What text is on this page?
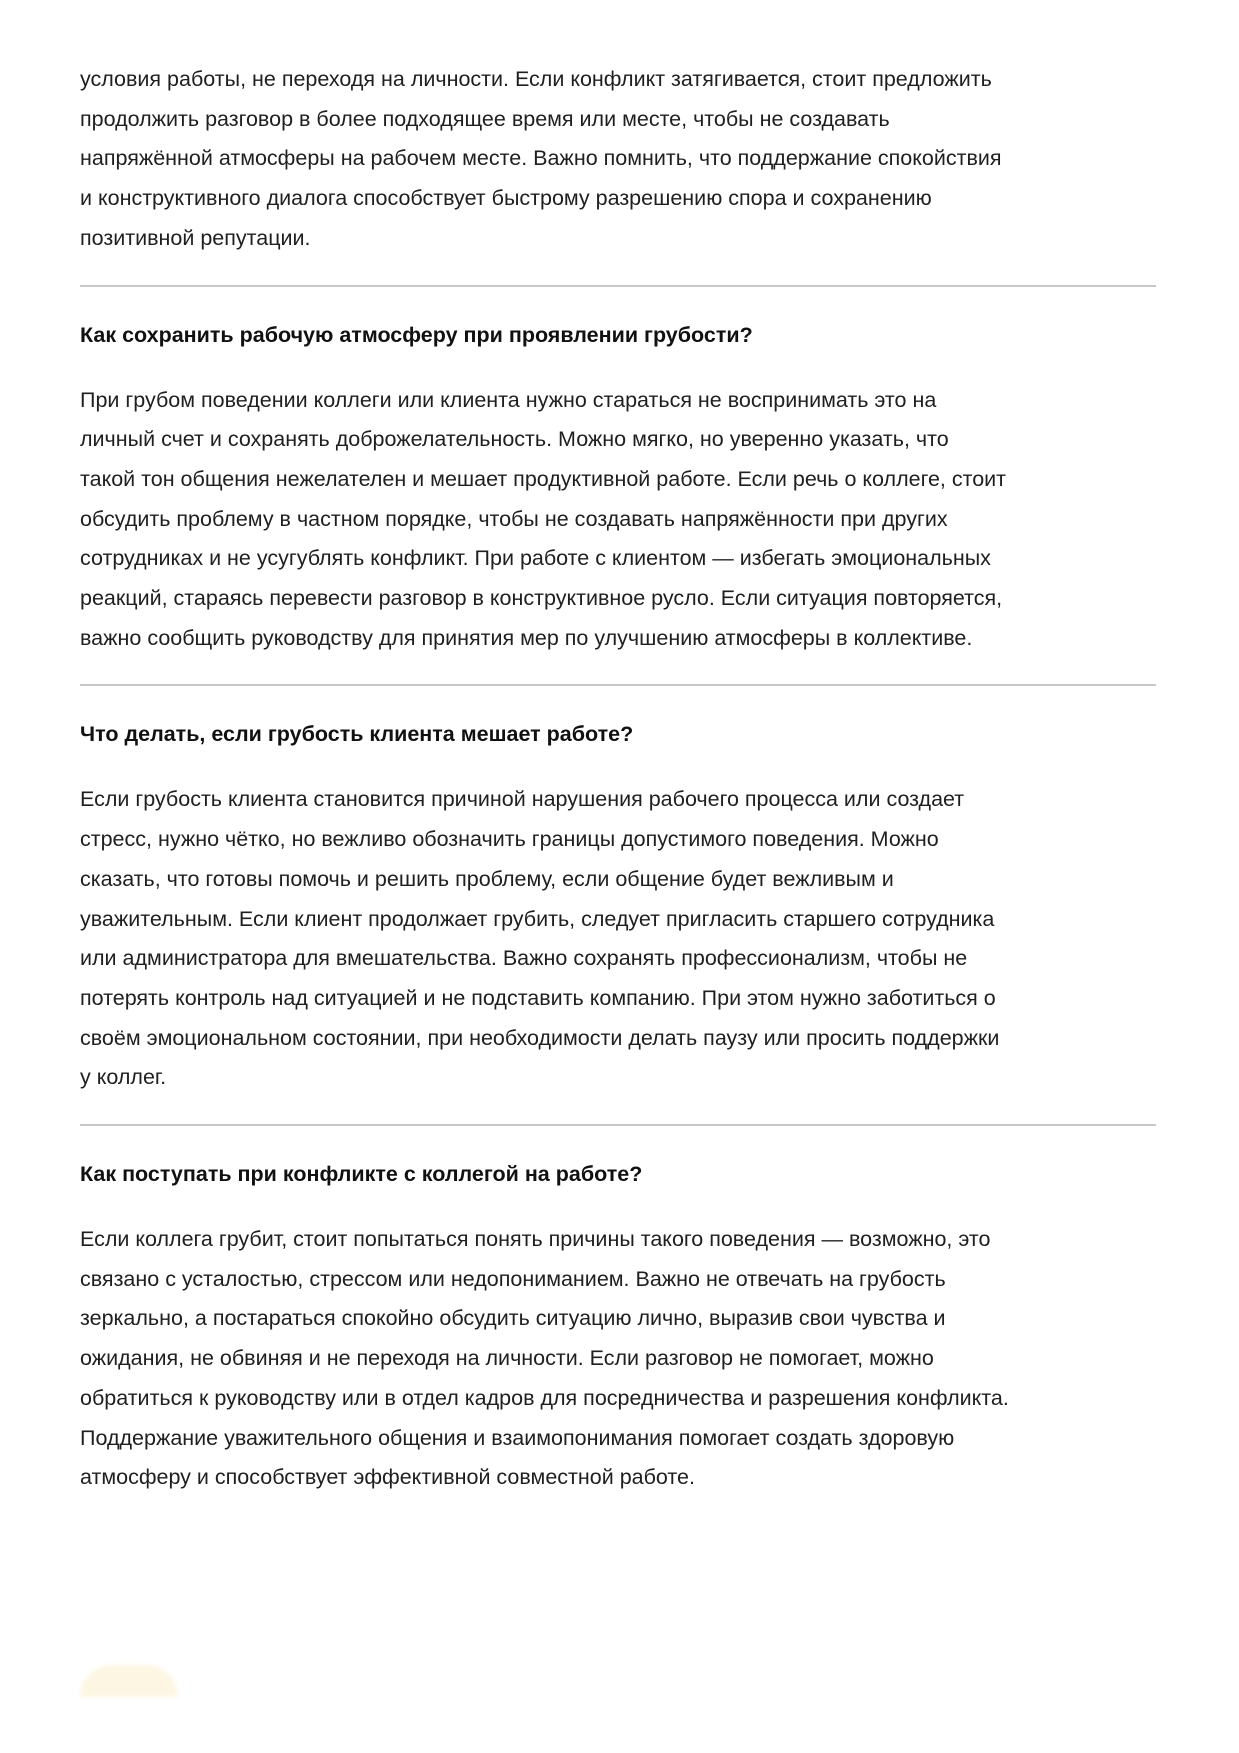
условия работы, не переходя на личности. Если конфликт затягивается, стоит предложить
продолжить разговор в более подходящее время или месте, чтобы не создавать
напряжённой атмосферы на рабочем месте. Важно помнить, что поддержание спокойствия
и конструктивного диалога способствует быстрому разрешению спора и сохранению
позитивной репутации.

Как сохранить рабочую атмосферу при проявлении грубости?

При грубом поведении коллеги или клиента нужно стараться не воспринимать это на
личный счет и сохранять доброжелательность. Можно мягко, но уверенно указать, что
такой тон общения нежелателен и мешает продуктивной работе. Если речь о коллеге, стоит
обсудить проблему в частном порядке, чтобы не создавать напряжённости при других
сотрудниках и не усугублять конфликт. При работе с клиентом — избегать эмоциональных
реакций, стараясь перевести разговор в конструктивное русло. Если ситуация повторяется,
важно сообщить руководству для принятия мер по улучшению атмосферы в коллективе.

Что делать, если грубость клиента мешает работе?

Если грубость клиента становится причиной нарушения рабочего процесса или создает
стресс, нужно чётко, но вежливо обозначить границы допустимого поведения. Можно
сказать, что готовы помочь и решить проблему, если общение будет вежливым и
уважительным. Если клиент продолжает грубить, следует пригласить старшего сотрудника
или администратора для вмешательства. Важно сохранять профессионализм, чтобы не
потерять контроль над ситуацией и не подставить компанию. При этом нужно заботиться о
своём эмоциональном состоянии, при необходимости делать паузу или просить поддержки
у коллег.

Как поступать при конфликте с коллегой на работе?

Если коллега грубит, стоит попытаться понять причины такого поведения — возможно, это
связано с усталостью, стрессом или недопониманием. Важно не отвечать на грубость
зеркально, а постараться спокойно обсудить ситуацию лично, выразив свои чувства и
ожидания, не обвиняя и не переходя на личности. Если разговор не помогает, можно
обратиться к руководству или в отдел кадров для посредничества и разрешения конфликта.
Поддержание уважительного общения и взаимопонимания помогает создать здоровую
атмосферу и способствует эффективной совместной работе.
